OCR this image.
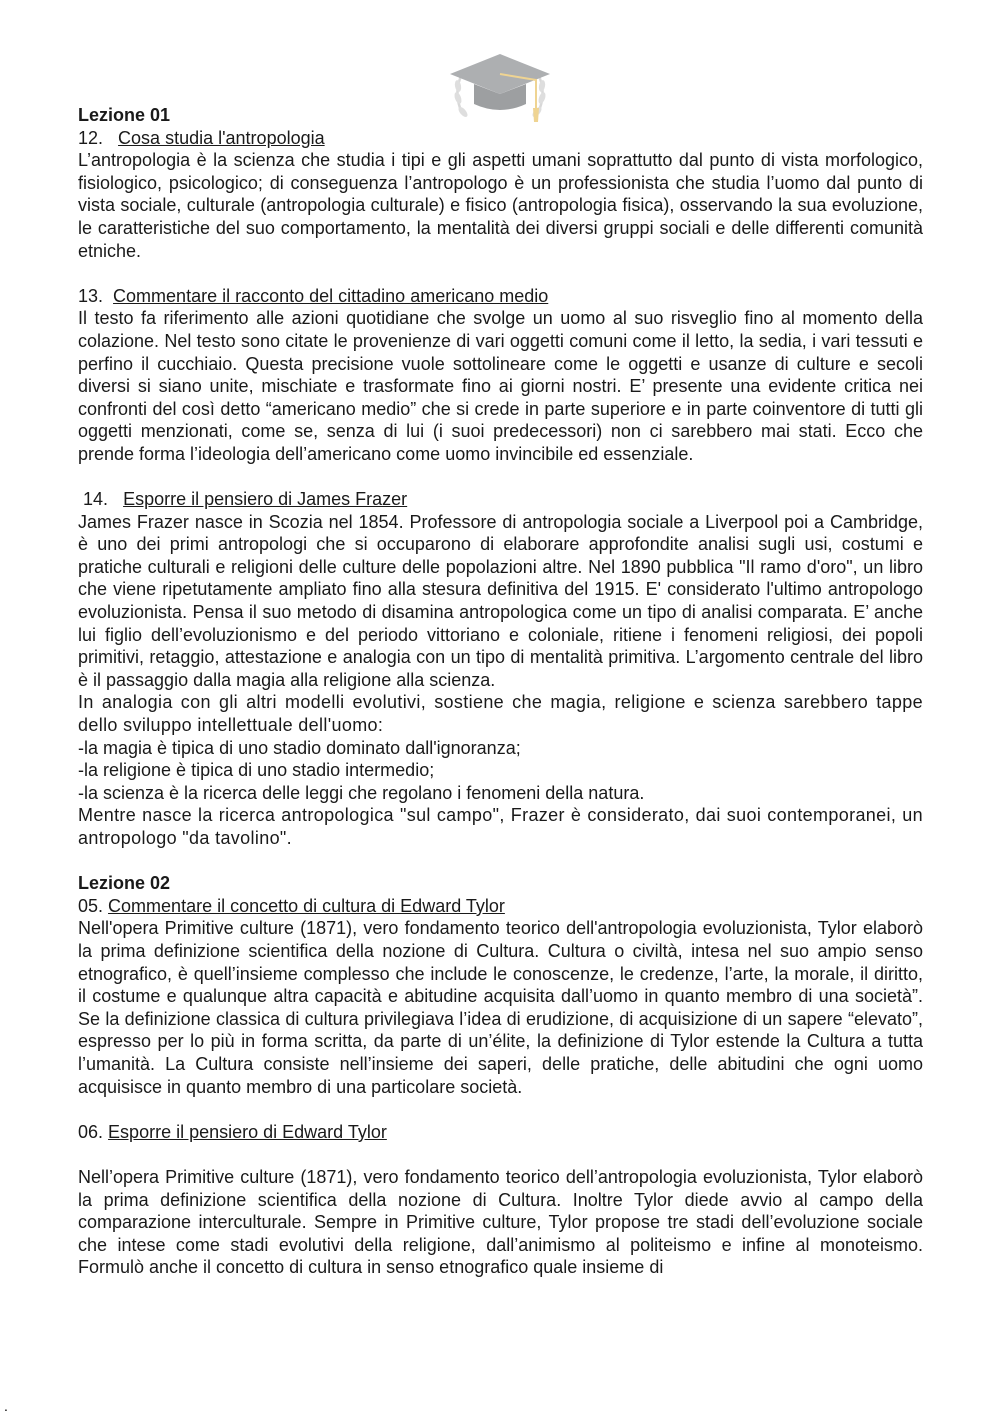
Lezione 01
12. Cosa studia l'antropologia

L’antropologia è la scienza che studia i tipi e gli aspetti umani soprattutto dal punto di vista morfologico, fisiologico, psicologico; di conseguenza l’antropologo è un professionista che studia l’uomo dal punto di vista sociale, culturale (antropologia culturale) e fisico (antropologia fisica), osservando la sua evoluzione, le caratteristiche del suo comportamento, la mentalità dei diversi gruppi sociali e delle differenti comunità etniche.

13. Commentare il racconto del cittadino americano medio

Il testo fa riferimento alle azioni quotidiane che svolge un uomo al suo risveglio fino al momento della colazione. Nel testo sono citate le provenienze di vari oggetti comuni come il letto, la sedia, i vari tessuti e perfino il cucchiaio. Questa precisione vuole sottolineare come le oggetti e usanze di culture e secoli diversi si siano unite, mischiate e trasformate fino ai giorni nostri. E’ presente una evidente critica nei confronti del così detto “americano medio” che si crede in parte superiore e in parte coinventore di tutti gli oggetti menzionati, come se, senza di lui (i suoi predecessori) non ci sarebbero mai stati. Ecco che prende forma l’ideologia dell’americano come uomo invincibile ed essenziale.

14. Esporre il pensiero di James Frazer

James Frazer nasce in Scozia nel 1854. Professore di antropologia sociale a Liverpool poi a Cambridge, è uno dei primi antropologi che si occuparono di elaborare approfondite analisi sugli usi, costumi e pratiche culturali e religioni delle culture delle popolazioni altre. Nel 1890 pubblica "Il ramo d'oro", un libro che viene ripetutamente ampliato fino alla stesura definitiva del 1915. E' considerato l'ultimo antropologo evoluzionista. Pensa il suo metodo di disamina antropologica come un tipo di analisi comparata. E’ anche lui figlio dell’evoluzionismo e del periodo vittoriano e coloniale, ritiene i fenomeni religiosi, dei popoli primitivi, retaggio, attestazione e analogia con un tipo di mentalità primitiva. L’argomento centrale del libro è il passaggio dalla magia alla religione alla scienza.

In analogia con gli altri modelli evolutivi, sostiene che magia, religione e scienza sarebbero tappe dello sviluppo intellettuale dell'uomo:

-la magia è tipica di uno stadio dominato dall'ignoranza;
-la religione è tipica di uno stadio intermedio;
-la scienza è la ricerca delle leggi che regolano i fenomeni della natura.

Mentre nasce la ricerca antropologica "sul campo", Frazer è considerato, dai suoi contemporanei, un antropologo "da tavolino".

Lezione 02
05. Commentare il concetto di cultura di Edward Tylor

Nell'opera Primitive culture (1871), vero fondamento teorico dell'antropologia evoluzionista, Tylor elaborò la prima definizione scientifica della nozione di Cultura. Cultura o civiltà, intesa nel suo ampio senso etnografico, è quell’insieme complesso che include le conoscenze, le credenze, l’arte, la morale, il diritto, il costume e qualunque altra capacità e abitudine acquisita dall’uomo in quanto membro di una società”. Se la definizione classica di cultura privilegiava l’idea di erudizione, di acquisizione di un sapere “elevato”, espresso per lo più in forma scritta, da parte di un’élite, la definizione di Tylor estende la Cultura a tutta l’umanità. La Cultura consiste nell’insieme dei saperi, delle pratiche, delle abitudini che ogni uomo acquisisce in quanto membro di una particolare società.

06. Esporre il pensiero di Edward Tylor

Nell’opera Primitive culture (1871), vero fondamento teorico dell’antropologia evoluzionista, Tylor elaborò la prima definizione scientifica della nozione di Cultura. Inoltre Tylor diede avvio al campo della comparazione interculturale. Sempre in Primitive culture, Tylor propose tre stadi dell’evoluzione sociale che intese come stadi evolutivi della religione, dall’animismo al politeismo e infine al monoteismo. Formulò anche il concetto di cultura in senso etnografico quale insieme di

.
